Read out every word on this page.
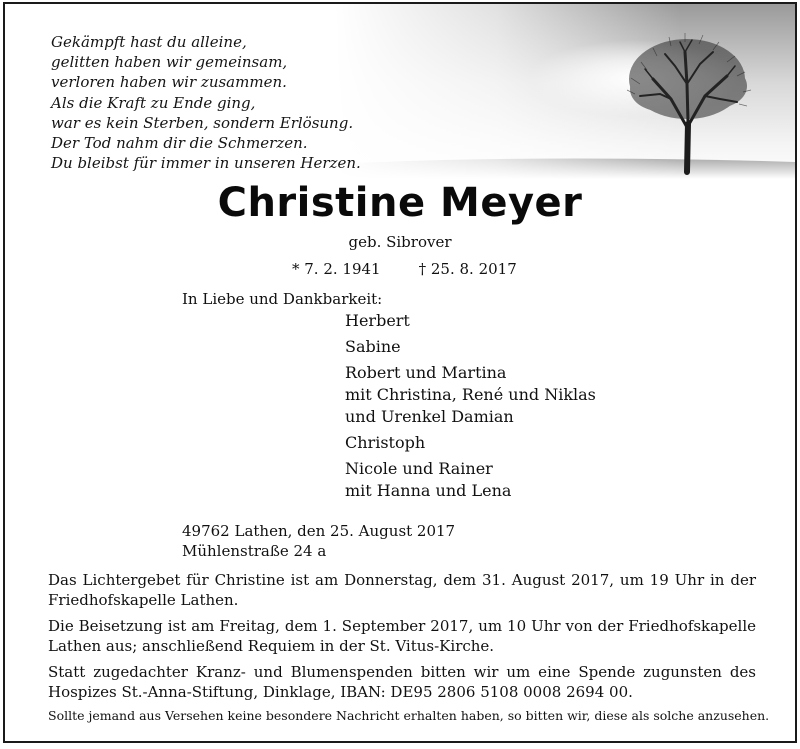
Gekämpft hast du alleine,
gelitten haben wir gemeinsam,
verloren haben wir zusammen.
Als die Kraft zu Ende ging,
war es kein Sterben, sondern Erlösung.
Der Tod nahm dir die Schmerzen.
Du bleibst für immer in unseren Herzen.
Christine Meyer
geb. Sibrover
* 7. 2. 1941	† 25. 8. 2017
In Liebe und Dankbarkeit:
Herbert
Sabine
Robert und Martina
mit Christina, René und Niklas
und Urenkel Damian
Christoph
Nicole und Rainer
mit Hanna und Lena
49762 Lathen, den 25. August 2017
Mühlenstraße 24 a

Das Lichtergebet für Christine ist am Donnerstag, dem 31. August 2017, um 19 Uhr in der Friedhofskapelle Lathen.

Die Beisetzung ist am Freitag, dem 1. September 2017, um 10 Uhr von der Friedhofskapelle Lathen aus; anschließend Requiem in der St. Vitus-Kirche.

Statt zugedachter Kranz- und Blumenspenden bitten wir um eine Spende zugunsten des Hospizes St.-Anna-Stiftung, Dinklage, IBAN: DE95 2806 5108 0008 2694 00.

Sollte jemand aus Versehen keine besondere Nachricht erhalten haben, so bitten wir, diese als solche anzusehen.
